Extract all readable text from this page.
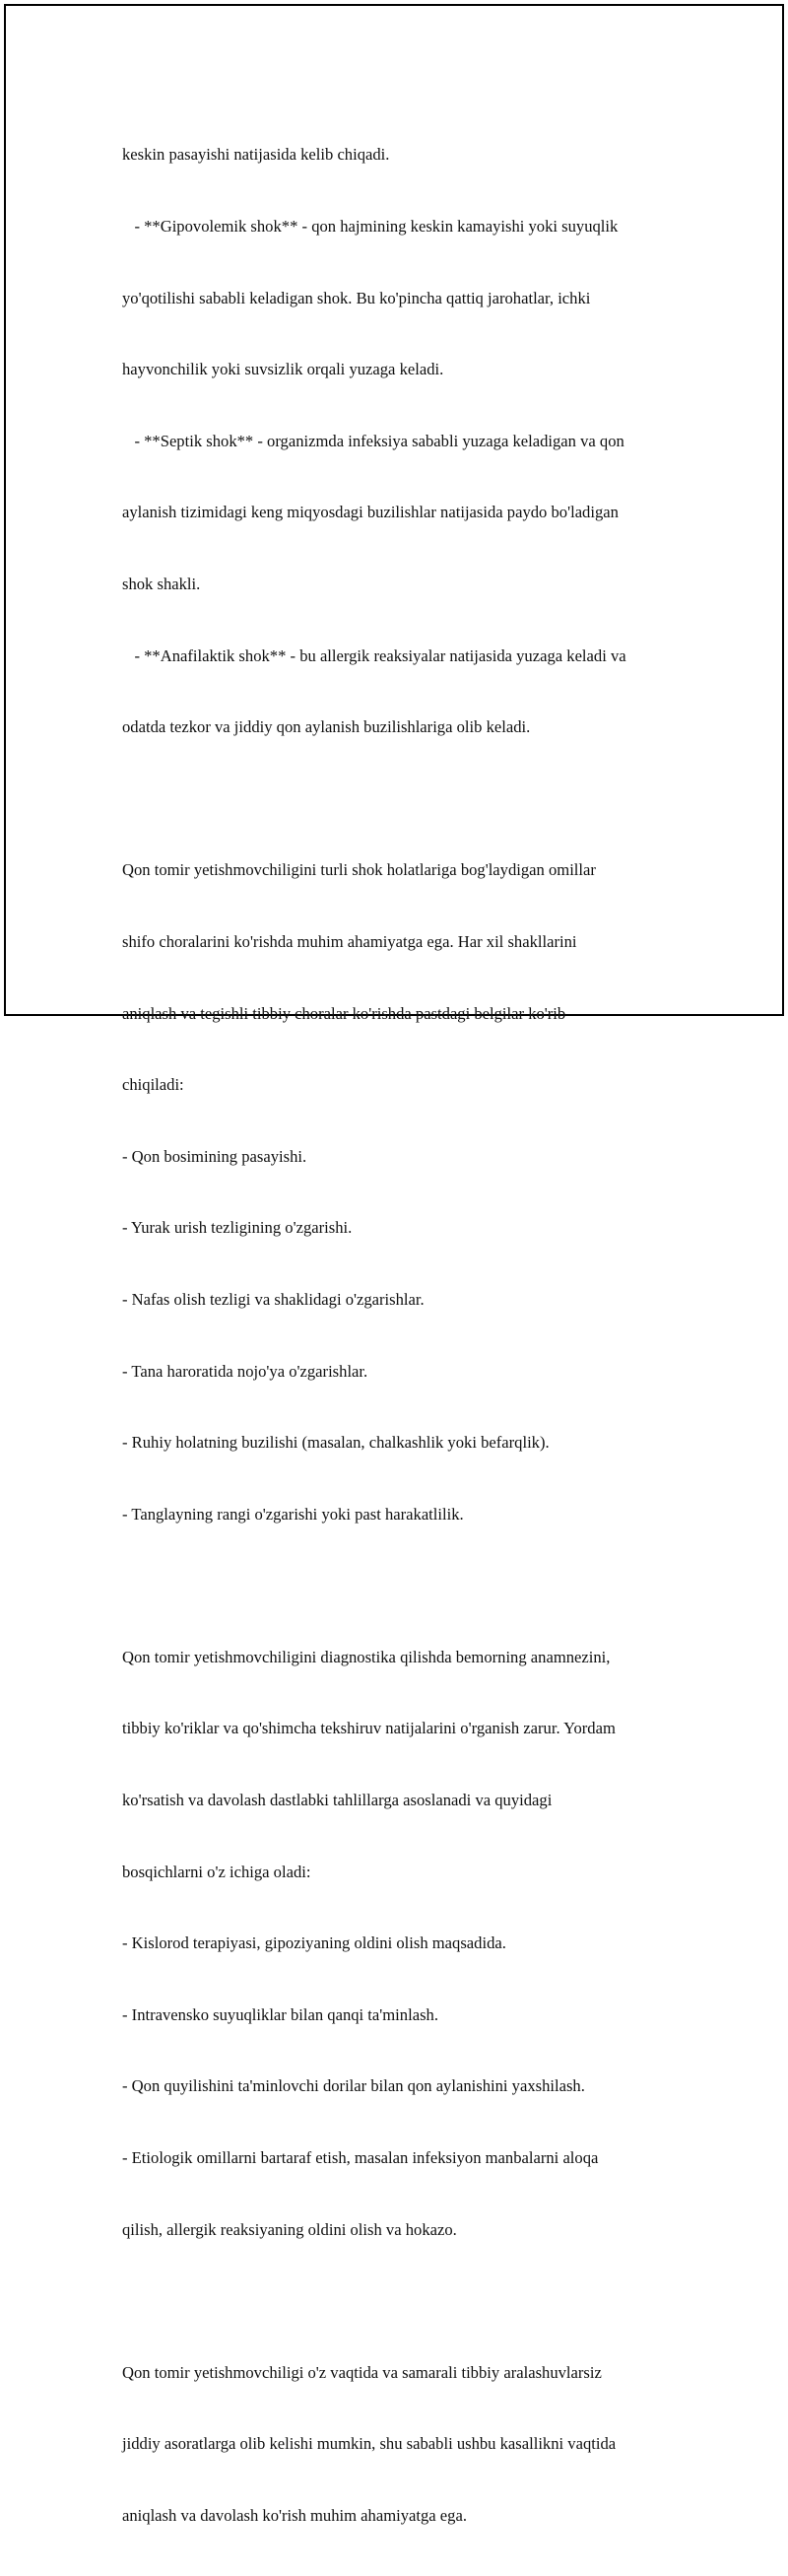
keskin pasayishi natijasida kelib chiqadi.

- **Gipovolemik shok** - qon hajmining keskin kamayishi yoki suyuqlik

yo'qotilishi sababli keladigan shok. Bu ko'pincha qattiq jarohatlar, ichki

hayvonchilik yoki suvsizlik orqali yuzaga keladi.

- **Septik shok** - organizmda infeksiya sababli yuzaga keladigan va qon

aylanish tizimidagi keng miqyosdagi buzilishlar natijasida paydo bo'ladigan

shok shakli.

- **Anafilaktik shok** - bu allergik reaksiyalar natijasida yuzaga keladi va

odatda tezkor va jiddiy qon aylanish buzilishlariga olib keladi.

Qon tomir yetishmovchiligini turli shok holatlariga bog'laydigan omillar

shifo choralarini ko'rishda muhim ahamiyatga ega. Har xil shakllarini

aniqlash va tegishli tibbiy choralar ko'rishda pastdagi belgilar ko'rib

chiqiladi:

- Qon bosimining pasayishi.

- Yurak urish tezligining o'zgarishi.

- Nafas olish tezligi va shaklidagi o'zgarishlar.

- Tana haroratida nojo'ya o'zgarishlar.

- Ruhiy holatning buzilishi (masalan, chalkashlik yoki befarqlik).

- Tanglayning rangi o'zgarishi yoki past harakatlilik.

Qon tomir yetishmovchiligini diagnostika qilishda bemorning anamnezini,

tibbiy ko'riklar va qo'shimcha tekshiruv natijalarini o'rganish zarur. Yordam

ko'rsatish va davolash dastlabki tahlillarga asoslanadi va quyidagi

bosqichlarni o'z ichiga oladi:

- Kislorod terapiyasi, gipoziyaning oldini olish maqsadida.

- Intravensko suyuqliklar bilan qanqi ta'minlash.

- Qon quyilishini ta'minlovchi dorilar bilan qon aylanishini yaxshilash.

- Etiologik omillarni bartaraf etish, masalan infeksiyon manbalarni aloqa

qilish, allergik reaksiyaning oldini olish va hokazo.

Qon tomir yetishmovchiligi o'z vaqtida va samarali tibbiy aralashuvlarsiz

jiddiy asoratlarga olib kelishi mumkin, shu sababli ushbu kasallikni vaqtida

aniqlash va davolash ko'rish muhim ahamiyatga ega.
